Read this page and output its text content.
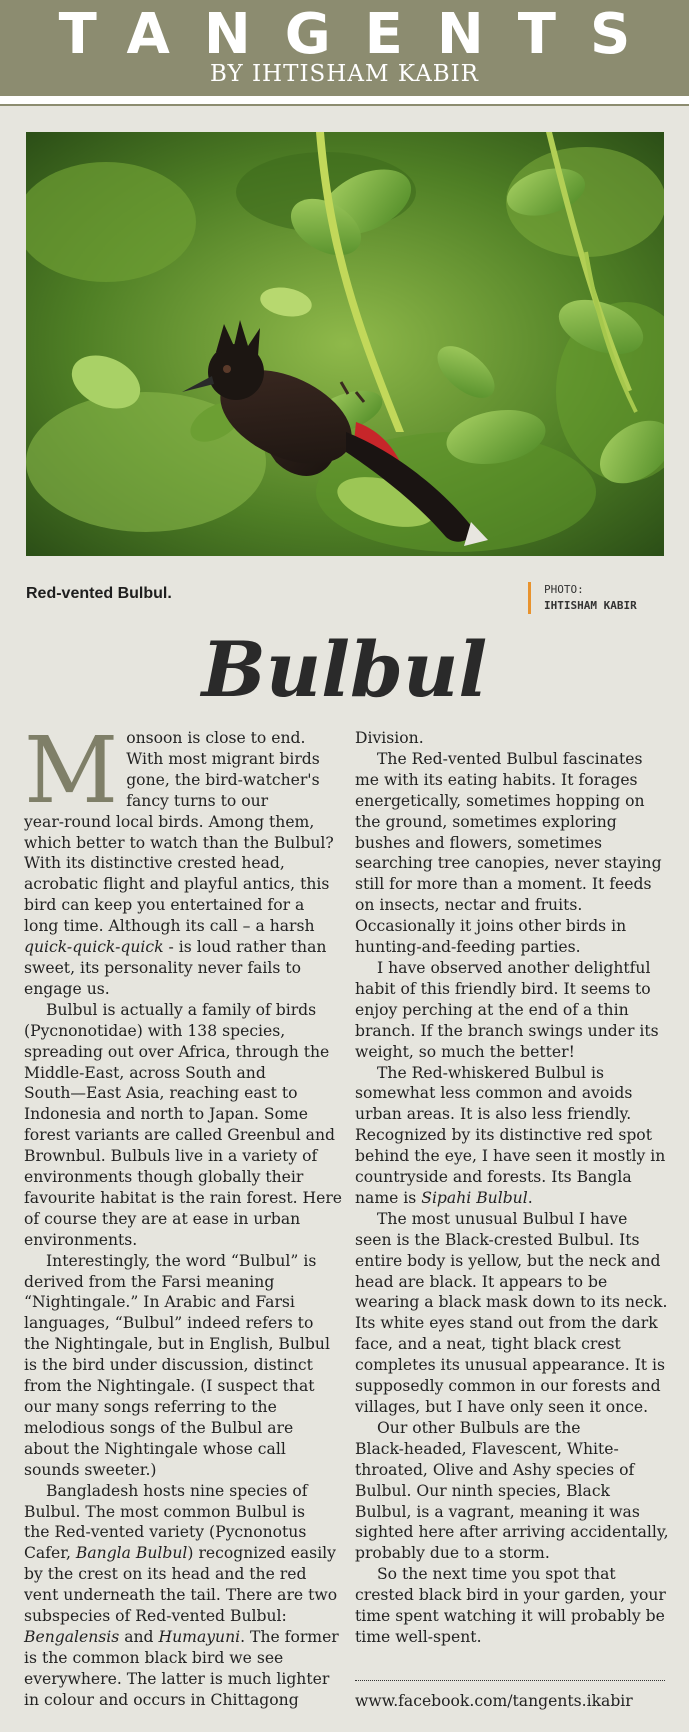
TANGENTS
BY IHTISHAM KABIR
Red-vented Bulbul.	PHOTO:
IHTISHAM KABIR
Bulbul
M onsoon is close to end.
With most migrant birds
gone, the bird-watcher's
fancy turns to our
year-round local birds. Among them,
which better to watch than the Bulbul?
With its distinctive crested head,
acrobatic flight and playful antics, this
bird can keep you entertained for a
long time. Although its call – a harsh
quick-quick-quick - is loud rather than
sweet, its personality never fails to
engage us.
Bulbul is actually a family of birds
(Pycnonotidae) with 138 species,
spreading out over Africa, through the
Middle-East, across South and
South—East Asia, reaching east to
Indonesia and north to Japan. Some
forest variants are called Greenbul and
Brownbul. Bulbuls live in a variety of
environments though globally their
favourite habitat is the rain forest. Here
of course they are at ease in urban
environments.
Interestingly, the word “Bulbul” is
derived from the Farsi meaning
“Nightingale.” In Arabic and Farsi
languages, “Bulbul” indeed refers to
the Nightingale, but in English, Bulbul
is the bird under discussion, distinct
from the Nightingale. (I suspect that
our many songs referring to the
melodious songs of the Bulbul are
about the Nightingale whose call
sounds sweeter.)
Bangladesh hosts nine species of
Bulbul. The most common Bulbul is
the Red-vented variety (Pycnonotus
Cafer, Bangla Bulbul) recognized easily
by the crest on its head and the red
vent underneath the tail. There are two
subspecies of Red-vented Bulbul:
Bengalensis and Humayuni. The former
is the common black bird we see
everywhere. The latter is much lighter
in colour and occurs in Chittagong
Division.
The Red-vented Bulbul fascinates
me with its eating habits. It forages
energetically, sometimes hopping on
the ground, sometimes exploring
bushes and flowers, sometimes
searching tree canopies, never staying
still for more than a moment. It feeds
on insects, nectar and fruits.
Occasionally it joins other birds in
hunting-and-feeding parties.
I have observed another delightful
habit of this friendly bird. It seems to
enjoy perching at the end of a thin
branch. If the branch swings under its
weight, so much the better!
The Red-whiskered Bulbul is
somewhat less common and avoids
urban areas. It is also less friendly.
Recognized by its distinctive red spot
behind the eye, I have seen it mostly in
countryside and forests. Its Bangla
name is Sipahi Bulbul.
The most unusual Bulbul I have
seen is the Black-crested Bulbul. Its
entire body is yellow, but the neck and
head are black. It appears to be
wearing a black mask down to its neck.
Its white eyes stand out from the dark
face, and a neat, tight black crest
completes its unusual appearance. It is
supposedly common in our forests and
villages, but I have only seen it once.
Our other Bulbuls are the
Black-headed, Flavescent, White-
throated, Olive and Ashy species of
Bulbul. Our ninth species, Black
Bulbul, is a vagrant, meaning it was
sighted here after arriving accidentally,
probably due to a storm.
So the next time you spot that
crested black bird in your garden, your
time spent watching it will probably be
time well-spent.
www.facebook.com/tangents.ikabir
